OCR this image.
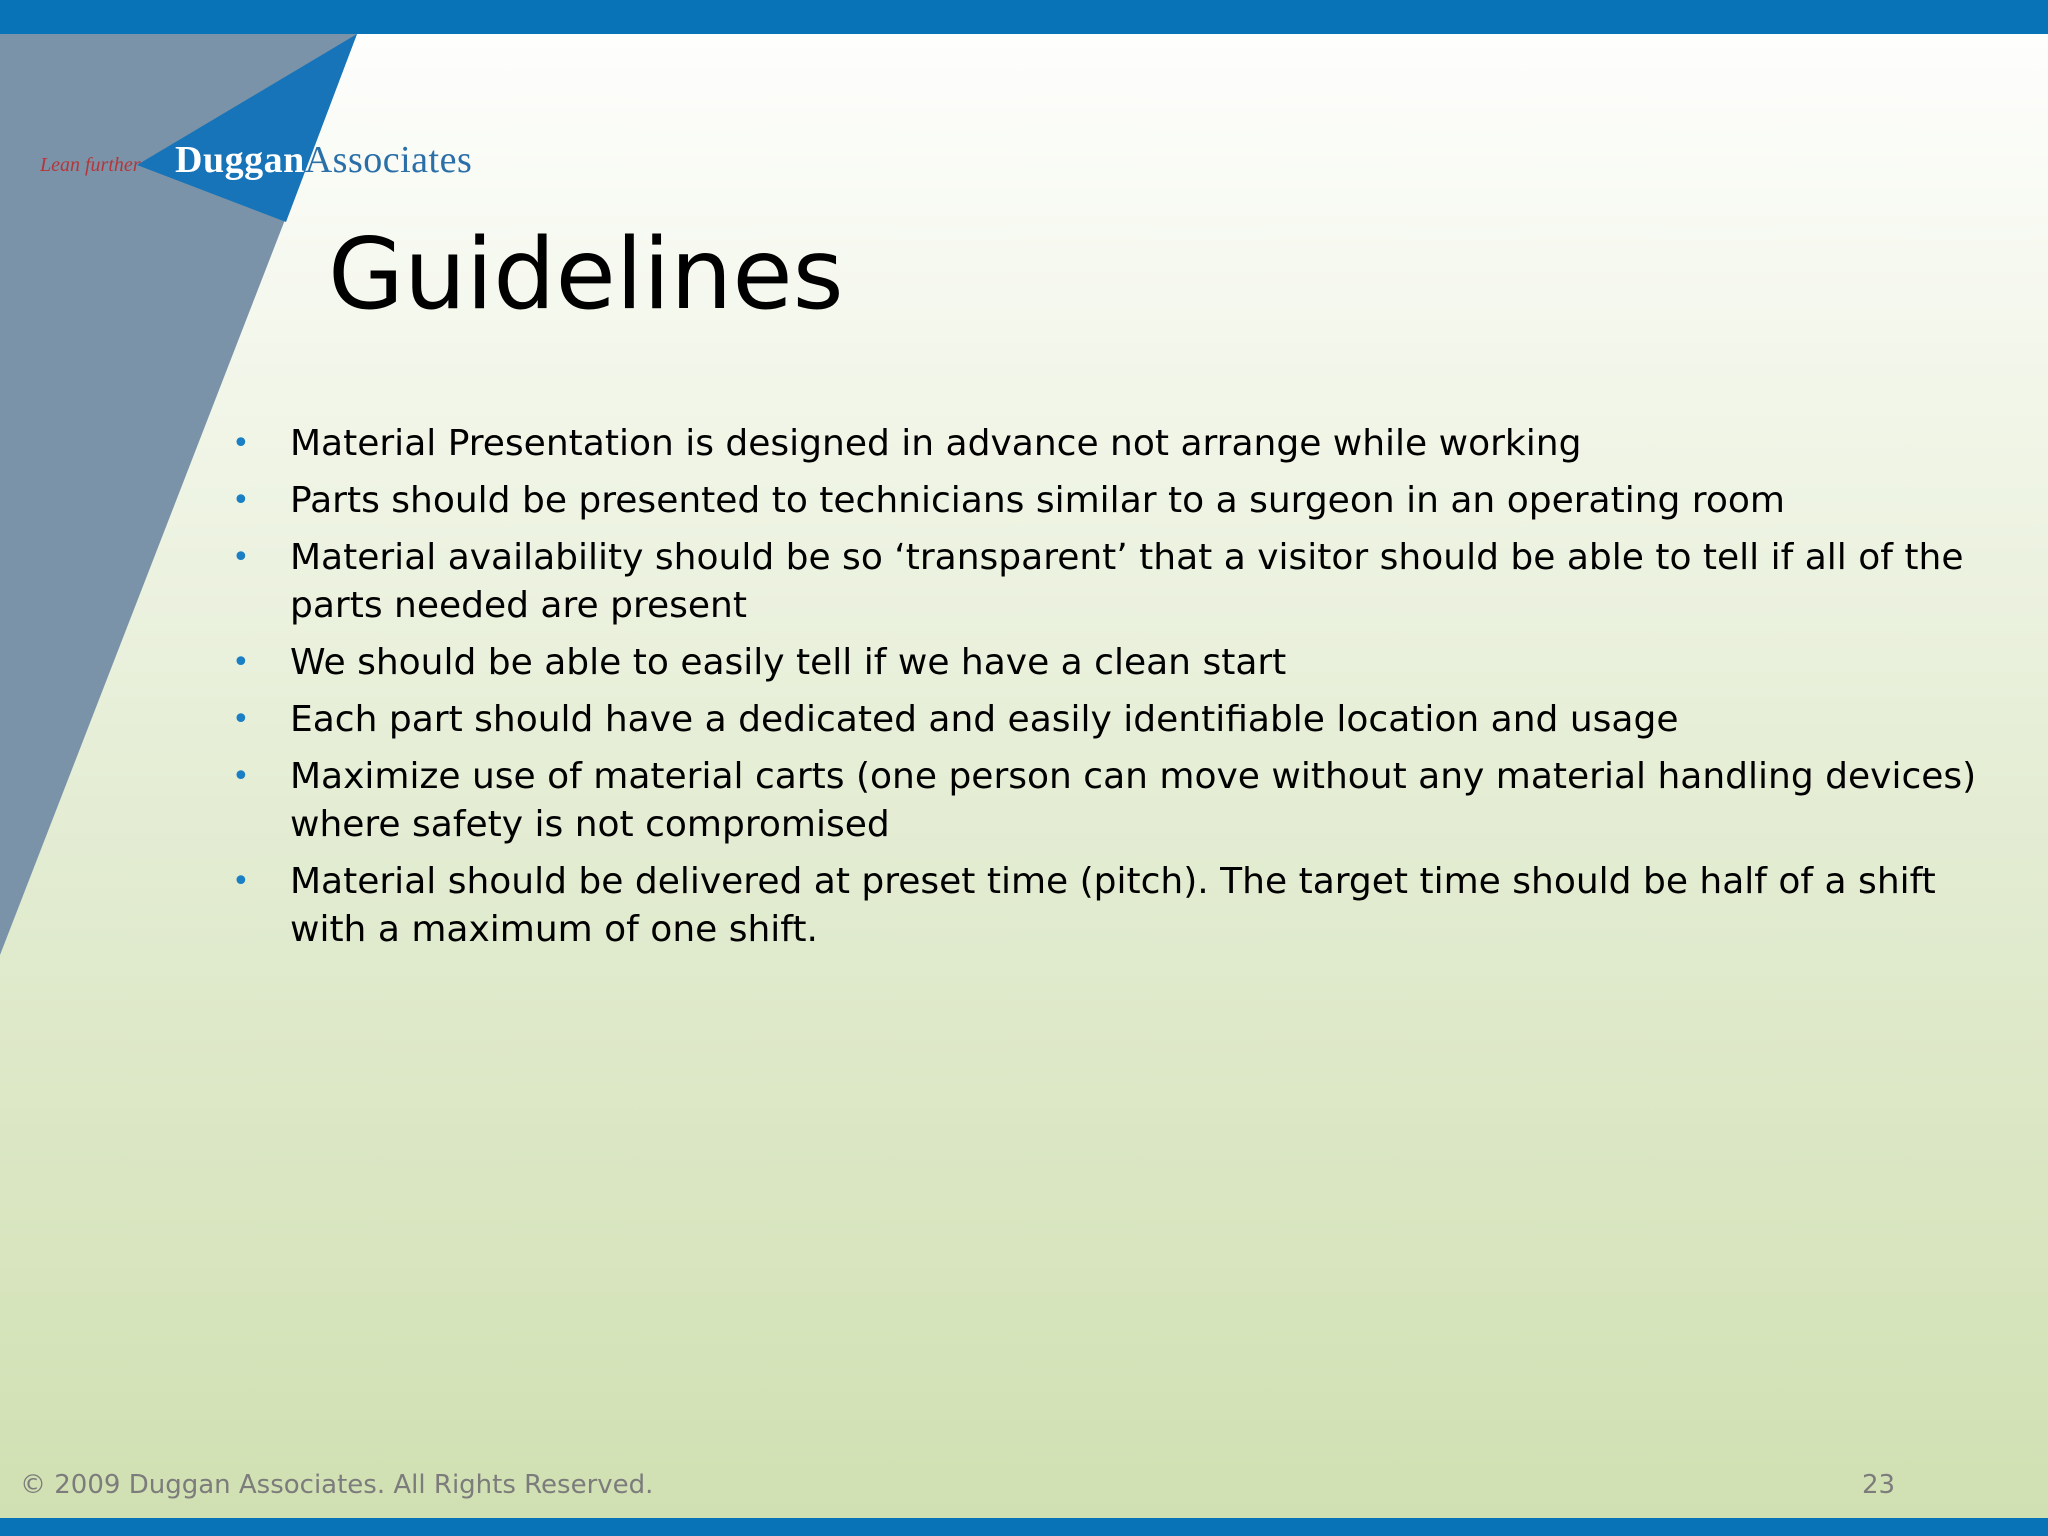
Lean further DugganAssociates
Guidelines
• Material Presentation is designed in advance not arrange while working
• Parts should be presented to technicians similar to a surgeon in an operating room
• Material availability should be so ‘transparent’ that a visitor should be able to tell if all of the parts needed are present
• We should be able to easily tell if we have a clean start
• Each part should have a dedicated and easily identifiable location and usage
• Maximize use of material carts (one person can move without any material handling devices) where safety is not compromised
• Material should be delivered at preset time (pitch). The target time should be half of a shift with a maximum of one shift.
© 2009 Duggan Associates. All Rights Reserved.	23
